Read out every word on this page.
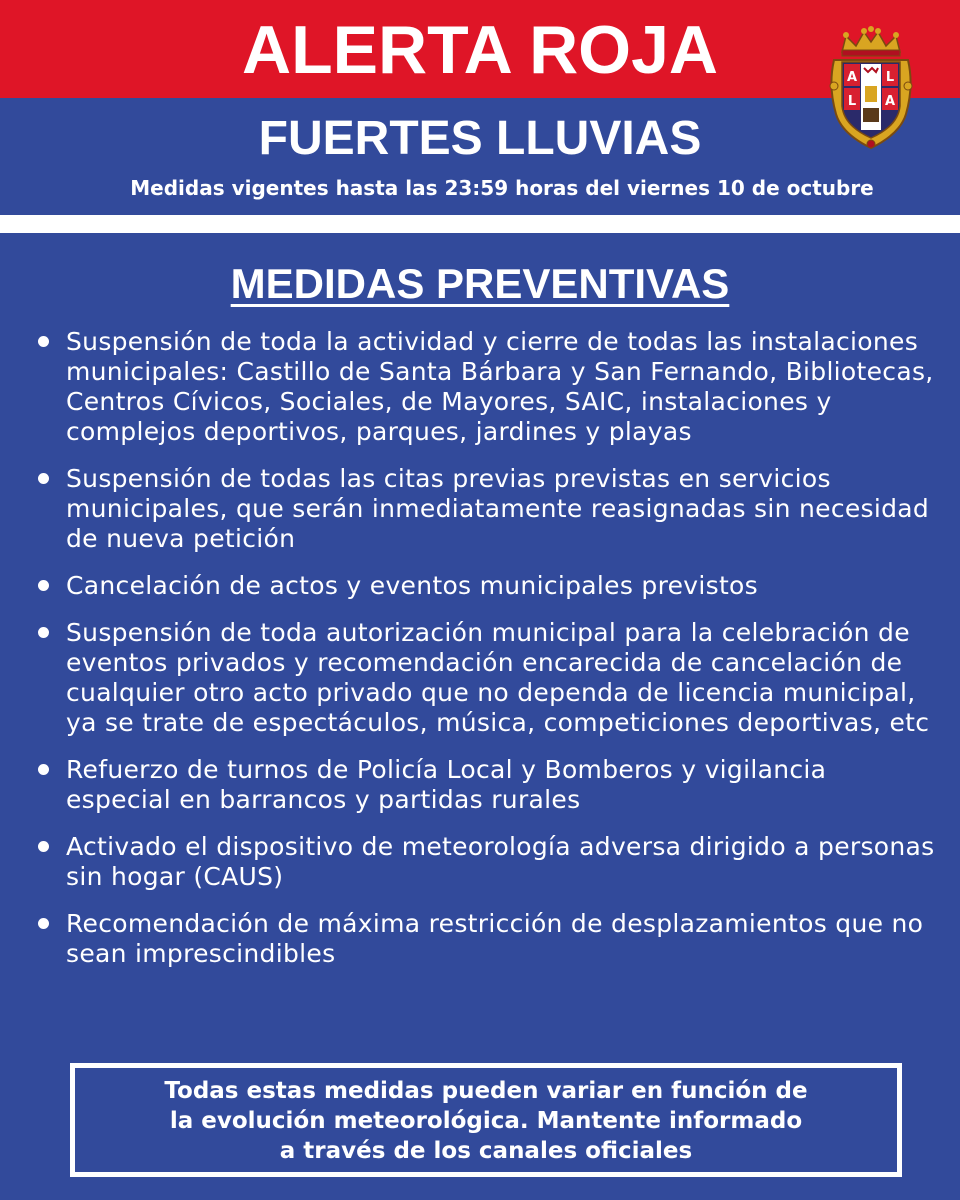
ALERTA ROJA
FUERTES LLUVIAS
Medidas vigentes hasta las 23:59 horas del viernes 10 de octubre
A L
L A
MEDIDAS PREVENTIVAS
Suspensión de toda la actividad y cierre de todas las instalaciones municipales: Castillo de Santa Bárbara y San Fernando, Bibliotecas, Centros Cívicos, Sociales, de Mayores, SAIC, instalaciones y complejos deportivos, parques, jardines y playas
Suspensión de todas las citas previas previstas en servicios municipales, que serán inmediatamente reasignadas sin necesidad de nueva petición
Cancelación de actos y eventos municipales previstos
Suspensión de toda autorización municipal para la celebración de eventos privados y recomendación encarecida de cancelación de cualquier otro acto privado que no dependa de licencia municipal, ya se trate de espectáculos, música, competiciones deportivas, etc
Refuerzo de turnos de Policía Local y Bomberos y vigilancia especial en barrancos y partidas rurales
Activado el dispositivo de meteorología adversa dirigido a personas sin hogar (CAUS)
Recomendación de máxima restricción de desplazamientos que no sean imprescindibles
Todas estas medidas pueden variar en función de
la evolución meteorológica. Mantente informado
a través de los canales oficiales
